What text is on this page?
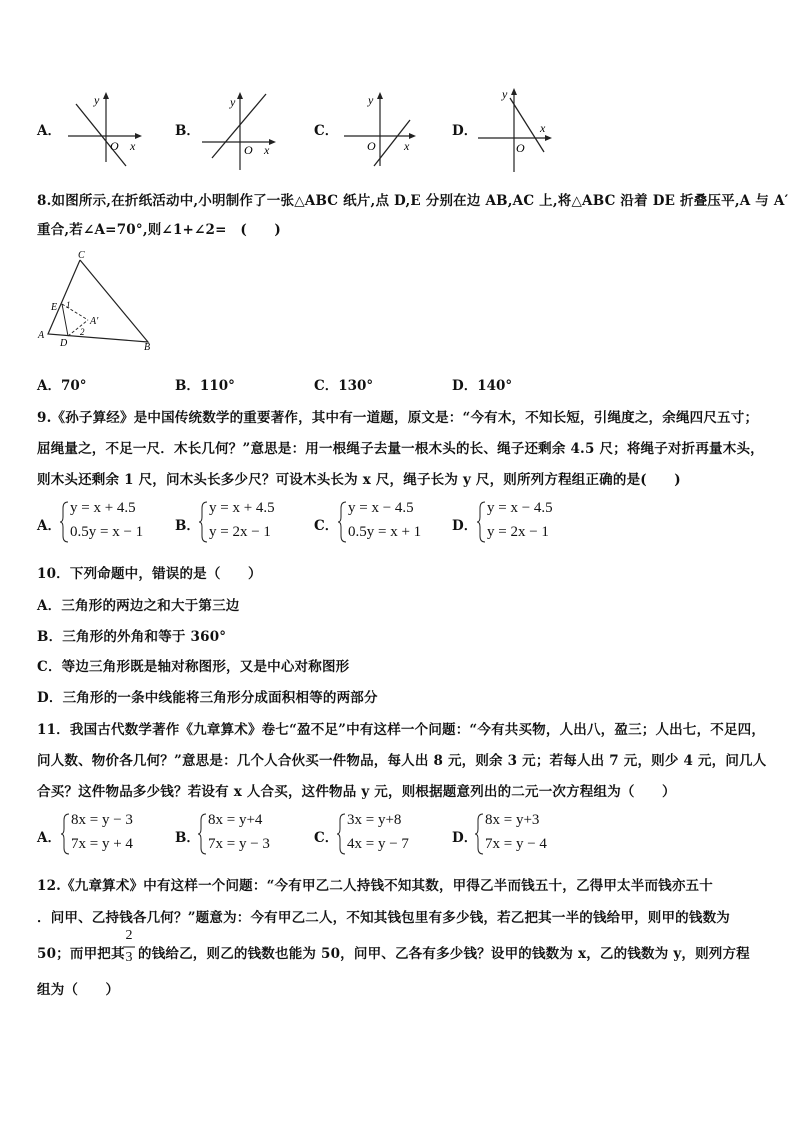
A．
y
x
O
B．
y
x
O
C．
y
x
O
D．
y
x
O
8.如图所示,在折纸活动中,小明制作了一张△ABC 纸片,点 D,E 分别在边 AB,AC 上,将△ABC 沿着 DE 折叠压平,A 与 A′
重合,若∠A=70°,则∠1+∠2=　(　　)
C
E
A
D	B
A′
1
2
A．70°	B．110°	C．130°	D．140°
9.《孙子算经》是中国传统数学的重要著作，其中有一道题，原文是：“今有木，不知长短，引绳度之，余绳四尺五寸；
屈绳量之，不足一尺．木长几何？”意思是：用一根绳子去量一根木头的长、绳子还剩余 4.5 尺；将绳子对折再量木头，
则木头还剩余 1 尺，问木头长多少尺？可设木头长为 x 尺，绳子长为 y 尺，则所列方程组正确的是(　　)
A．
y = x + 4.5
0.5y = x − 1 B．
y = x + 4.5
y = 2x − 1	C．
y = x − 4.5
0.5y = x + 1 D．
y = x − 4.5
y = 2x − 1
10．下列命题中，错误的是（　　）
A．三角形的两边之和大于第三边
B．三角形的外角和等于 360°
C．等边三角形既是轴对称图形，又是中心对称图形
D．三角形的一条中线能将三角形分成面积相等的两部分
11．我国古代数学著作《九章算术》卷七“盈不足”中有这样一个问题：“今有共买物，人出八，盈三；人出七，不足四，
问人数、物价各几何？”意思是：几个人合伙买一件物品，每人出 8 元，则余 3 元；若每人出 7 元，则少 4 元，问几人
合买？这件物品多少钱？若设有 x 人合买，这件物品 y 元，则根据题意列出的二元一次方程组为（　　）
A．
8x = y − 3
7x = y + 4	B．
8x = y+4
7x = y − 3	C．
3x = y+8
4x = y − 7	D．
8x = y+3
7x = y − 4
12.《九章算术》中有这样一个问题：“今有甲乙二人持钱不知其数，甲得乙半而钱五十，乙得甲太半而钱亦五十
．问甲、乙持钱各几何？”题意为：今有甲乙二人，不知其钱包里有多少钱，若乙把其一半的钱给甲，则甲的钱数为
50；而甲把其
2
3 的钱给乙，则乙的钱数也能为 50，问甲、乙各有多少钱？设甲的钱数为 x，乙的钱数为 y，则列方程
组为（　　）
